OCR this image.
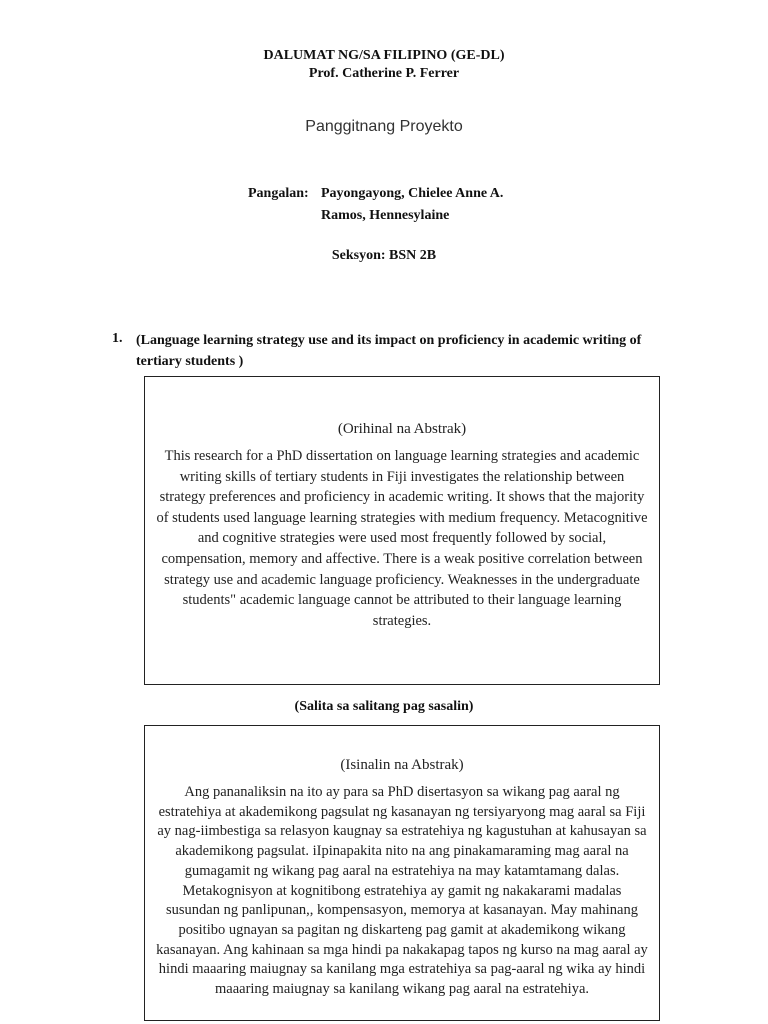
DALUMAT NG/SA FILIPINO (GE-DL)
Prof. Catherine P. Ferrer
Panggitnang Proyekto
Pangalan: Payongayong, Chielee Anne A.
Ramos, Hennesylaine
Seksyon: BSN 2B
1. (Language learning strategy use and its impact on proficiency in academic writing of tertiary students )
(Orihinal na Abstrak)
This research for a PhD dissertation on language learning strategies and academic writing skills of tertiary students in Fiji investigates the relationship between strategy preferences and proficiency in academic writing. It shows that the majority of students used language learning strategies with medium frequency. Metacognitive and cognitive strategies were used most frequently followed by social, compensation, memory and affective. There is a weak positive correlation between strategy use and academic language proficiency. Weaknesses in the undergraduate students" academic language cannot be attributed to their language learning strategies.
(Salita sa salitang pag sasalin)
(Isinalin na Abstrak)
Ang pananaliksin na ito ay para sa PhD disertasyon sa wikang pag aaral ng estratehiya at akademikong pagsulat ng kasanayan ng tersiyaryong mag aaral sa Fiji ay nag-iimbestiga sa relasyon kaugnay sa estratehiya ng kagustuhan at kahusayan sa akademikong pagsulat. iIpinapakita nito na ang pinakamaraming mag aaral na gumagamit ng wikang pag aaral na estratehiya na may katamtamang dalas. Metakognisyon at kognitibong estratehiya ay gamit ng nakakarami madalas susundan ng panlipunan,, kompensasyon, memorya at kasanayan. May mahinang positibo ugnayan sa pagitan ng diskarteng pag gamit at akademikong wikang kasanayan. Ang kahinaan sa mga hindi pa nakakapag tapos ng kurso na mag aaral ay hindi maaaring maiugnay sa kanilang mga estratehiya sa pag-aaral ng wika ay hindi maaaring maiugnay sa kanilang wikang pag aaral na estratehiya.
